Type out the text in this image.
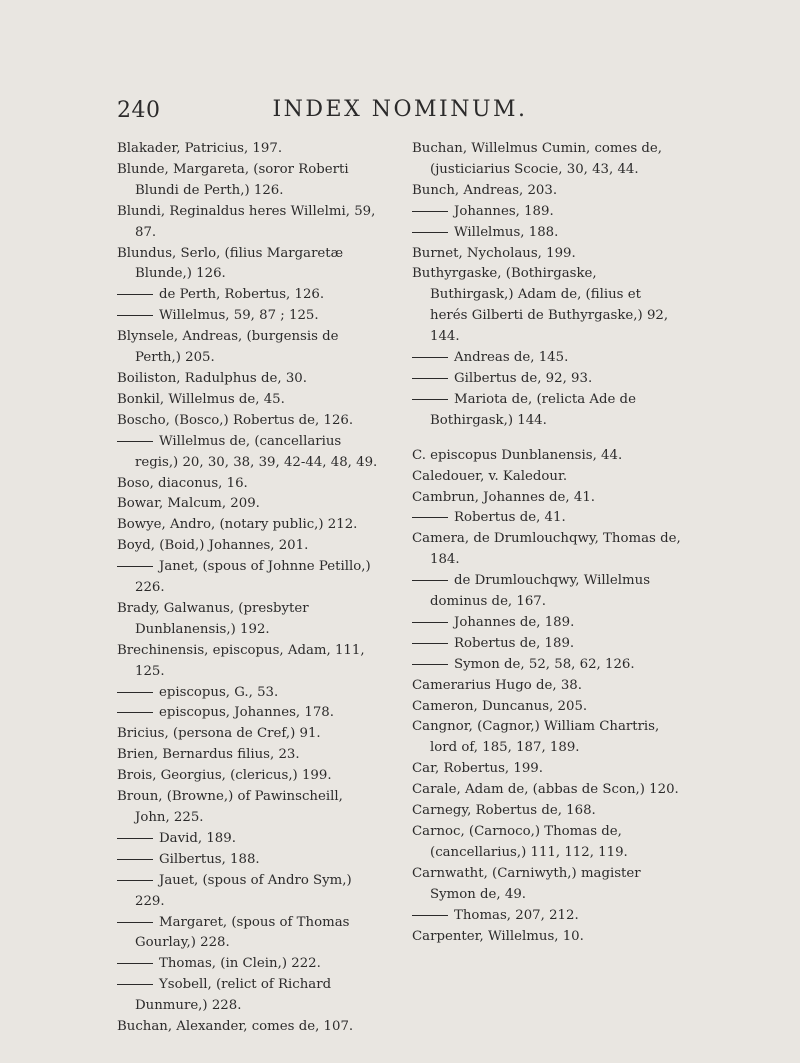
240	INDEX NOMINUM.

Blakader, Patricius, 197.

Blunde, Margareta, (soror Roberti Blundi de Perth,) 126.

Blundi, Reginaldus heres Willelmi, 59, 87.

Blundus, Serlo, (filius Margaretæ Blunde,) 126.

de Perth, Robertus, 126.

Willelmus, 59, 87 ; 125.

Blynsele, Andreas, (burgensis de Perth,) 205.

Boiliston, Radulphus de, 30.

Bonkil, Willelmus de, 45.

Boscho, (Bosco,) Robertus de, 126.

Willelmus de, (cancellarius regis,) 20, 30, 38, 39, 42-44, 48, 49.

Boso, diaconus, 16.

Bowar, Malcum, 209.

Bowye, Andro, (notary public,) 212.

Boyd, (Boid,) Johannes, 201.

Janet, (spous of Johnne Petillo,) 226.

Brady, Galwanus, (presbyter Dunblanensis,) 192.

Brechinensis, episcopus, Adam, 111, 125.

episcopus, G., 53.

episcopus, Johannes, 178.

Bricius, (persona de Cref,) 91.

Brien, Bernardus filius, 23.

Brois, Georgius, (clericus,) 199.

Broun, (Browne,) of Pawinscheill, John, 225.

David, 189.

Gilbertus, 188.

Jauet, (spous of Andro Sym,) 229.

Margaret, (spous of Thomas Gourlay,) 228.

Thomas, (in Clein,) 222.

Ysobell, (relict of Richard Dunmure,) 228.

Buchan, Alexander, comes de, 107.

Buchan, Willelmus Cumin, comes de, (justiciarius Scocie, 30, 43, 44.

Bunch, Andreas, 203.

Johannes, 189.

Willelmus, 188.

Burnet, Nycholaus, 199.

Buthyrgaske, (Bothirgaske, Buthirgask,) Adam de, (filius et herés Gilberti de Buthyrgaske,) 92, 144.

Andreas de, 145.

Gilbertus de, 92, 93.

Mariota de, (relicta Ade de Bothirgask,) 144.

C. episcopus Dunblanensis, 44.

Caledouer, v. Kaledour.

Cambrun, Johannes de, 41.

Robertus de, 41.

Camera, de Drumlouchqwy, Thomas de, 184.

de Drumlouchqwy, Willelmus dominus de, 167.

Johannes de, 189.

Robertus de, 189.

Symon de, 52, 58, 62, 126.

Camerarius Hugo de, 38.

Cameron, Duncanus, 205.

Cangnor, (Cagnor,) William Chartris, lord of, 185, 187, 189.

Car, Robertus, 199.

Carale, Adam de, (abbas de Scon,) 120.

Carnegy, Robertus de, 168.

Carnoc, (Carnoco,) Thomas de, (cancellarius,) 111, 112, 119.

Carnwatht, (Carniwyth,) magister Symon de, 49.

Thomas, 207, 212.

Carpenter, Willelmus, 10.
